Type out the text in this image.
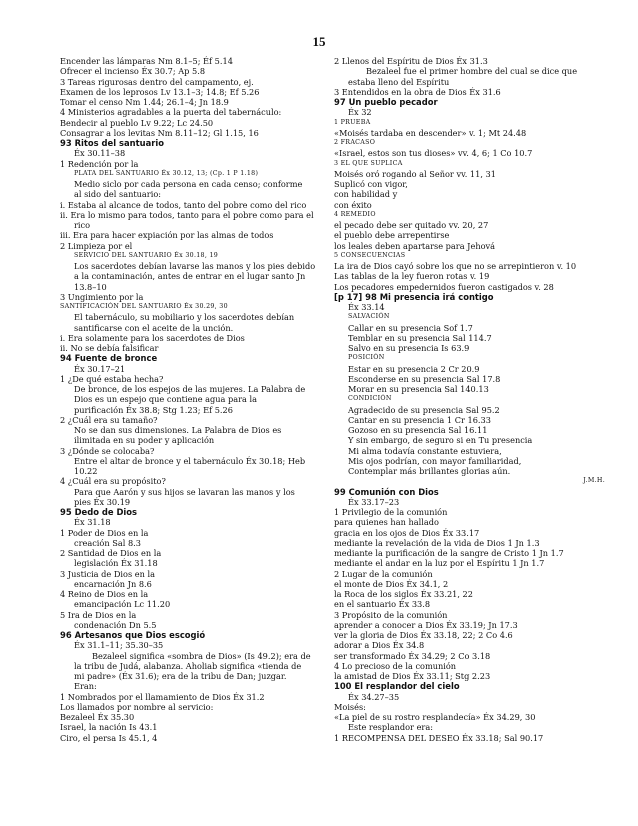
15
Encender las lámparas Nm 8.1–5; Éf 5.14
Ofrecer el incienso Éx 30.7; Ap 5.8
3 Tareas rigurosas dentro del campamento, ej.
Examen de los leprosos Lv 13.1–3; 14.8; Ef 5.26
Tomar el censo Nm 1.44; 26.1–4; Jn 18.9
4 Ministerios agradables a la puerta del tabernáculo:
Bendecir al pueblo Lv 9.22; Lc 24.50
Consagrar a los levitas Nm 8.11–12; Gl 1.15, 16
93 Ritos del santuario
Éx 30.11–38
1 Redención por la
PLATA DEL SANTUARIO Éx 30.12, 13; (Cp. 1 P 1.18)
Medio siclo por cada persona en cada censo; conforme
al sido del santuario:
i. Estaba al alcance de todos, tanto del pobre como del rico
ii. Era lo mismo para todos, tanto para el pobre como para el
rico
iii. Era para hacer expiación por las almas de todos
2 Limpieza por el
SERVICIO DEL SANTUARIO Éx 30.18, 19
Los sacerdotes debían lavarse las manos y los pies debido
a la contaminación, antes de entrar en el lugar santo Jn
13.8–10
3 Ungimiento por la
SANTIFICACIÓN DEL SANTUARIO Éx 30.29, 30
El tabernáculo, su mobiliario y los sacerdotes debían
santificarse con el aceite de la unción.
i. Era solamente para los sacerdotes de Dios
ii. No se debía falsificar
94 Fuente de bronce
Éx 30.17–21
1 ¿De qué estaba hecha?
De bronce, de los espejos de las mujeres. La Palabra de
Dios es un espejo que contiene agua para la
purificación Éx 38.8; Stg 1.23; Ef 5.26
2 ¿Cuál era su tamaño?
No se dan sus dimensiones. La Palabra de Dios es
ilimitada en su poder y aplicación
3 ¿Dónde se colocaba?
Entre el altar de bronce y el tabernáculo Éx 30.18; Heb
10.22
4 ¿Cuál era su propósito?
Para que Aarón y sus hijos se lavaran las manos y los
pies Éx 30.19
95 Dedo de Dios
Éx 31.18
1 Poder de Dios en la
creación Sal 8.3
2 Santidad de Dios en la
legislación Éx 31.18
3 Justicia de Dios en la
encarnación Jn 8.6
4 Reino de Dios en la
emancipación Lc 11.20
5 Ira de Dios en la
condenación Dn 5.5
96 Artesanos que Dios escogió
Éx 31.1–11; 35.30–35
Bezaleel significa «sombra de Dios» (Is 49.2); era de
la tribu de Judá, alabanza. Aholiab significa «tienda de
mi padre» (Éx 31.6); era de la tribu de Dan; juzgar.
Eran:
1 Nombrados por el llamamiento de Dios Éx 31.2
Los llamados por nombre al servicio:
Bezaleel Éx 35.30
Israel, la nación Is 43.1
Ciro, el persa Is 45.1, 4
2 Llenos del Espíritu de Dios Éx 31.3
Bezaleel fue el primer hombre del cual se dice que
estaba lleno del Espíritu
3 Entendidos en la obra de Dios Éx 31.6
97 Un pueblo pecador
Éx 32
1 PRUEBA
«Moisés tardaba en descender» v. 1; Mt 24.48
2 FRACASO
«Israel, estos son tus dioses» vv. 4, 6; 1 Co 10.7
3 EL QUE SUPLICA
Moisés oró rogando al Señor vv. 11, 31
Suplicó con vigor,
con habilidad y
con éxito
4 REMEDIO
el pecado debe ser quitado vv. 20, 27
el pueblo debe arrepentirse
los leales deben apartarse para Jehová
5 CONSECUENCIAS
La ira de Dios cayó sobre los que no se arrepintieron v. 10
Las tablas de la ley fueron rotas v. 19
Los pecadores empedernidos fueron castigados v. 28
[p 17] 98 Mi presencia irá contigo
Éx 33.14
SALVACIÓN
Callar en su presencia Sof 1.7
Temblar en su presencia Sal 114.7
Salvo en su presencia Is 63.9
POSICIÓN
Estar en su presencia 2 Cr 20.9
Esconderse en su presencia Sal 17.8
Morar en su presencia Sal 140.13
CONDICIÓN
Agradecido de su presencia Sal 95.2
Cantar en su presencia 1 Cr 16.33
Gozoso en su presencia Sal 16.11
Y sin embargo, de seguro si en Tu presencia
Mi alma todavía constante estuviera,
Mis ojos podrían, con mayor familiaridad,
Contemplar más brillantes glorias aún.
J.M.H.
99 Comunión con Dios
Éx 33.17–23
1 Privilegio de la comunión
para quienes han hallado
gracia en los ojos de Dios Éx 33.17
mediante la revelación de la vida de Dios 1 Jn 1.3
mediante la purificación de la sangre de Cristo 1 Jn 1.7
mediante el andar en la luz por el Espíritu 1 Jn 1.7
2 Lugar de la comunión
el monte de Dios Éx 34.1, 2
la Roca de los siglos Éx 33.21, 22
en el santuario Éx 33.8
3 Propósito de la comunión
aprender a conocer a Dios Éx 33.19; Jn 17.3
ver la gloria de Dios Éx 33.18, 22; 2 Co 4.6
adorar a Dios Éx 34.8
ser transformado Éx 34.29; 2 Co 3.18
4 Lo precioso de la comunión
la amistad de Dios Éx 33.11; Stg 2.23
100 El resplandor del cielo
Éx 34.27–35
Moisés:
«La piel de su rostro resplandecía» Éx 34.29, 30
Este resplandor era:
1 RECOMPENSA DEL DESEO Éx 33.18; Sal 90.17
